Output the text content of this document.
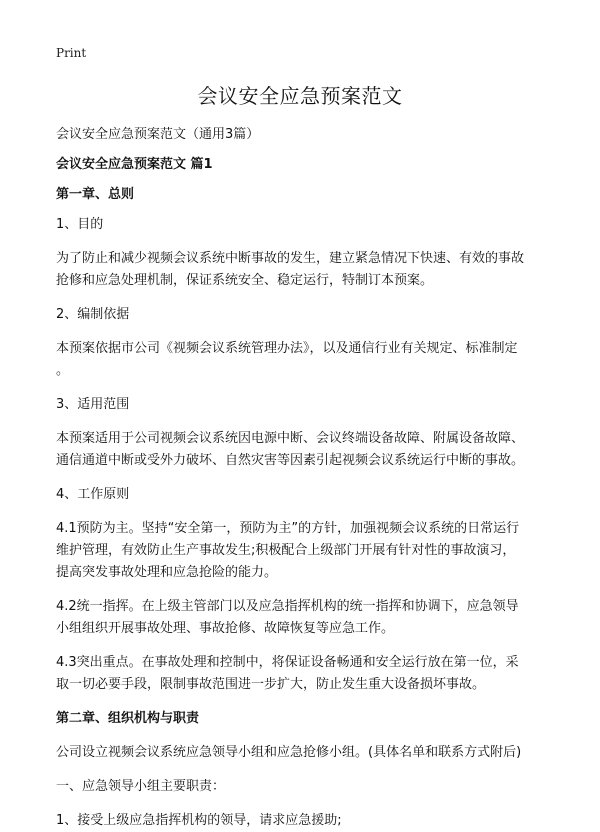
Print
会议安全应急预案范文

会议安全应急预案范文（通用3篇）

会议安全应急预案范文 篇1

第一章、总则

1、目的

为了防止和减少视频会议系统中断事故的发生，建立紧急情况下快速、有效的事故

抢修和应急处理机制，保证系统安全、稳定运行，特制订本预案。

2、编制依据

本预案依据市公司《视频会议系统管理办法》，以及通信行业有关规定、标准制定

。

3、适用范围

本预案适用于公司视频会议系统因电源中断、会议终端设备故障、附属设备故障、

通信通道中断或受外力破坏、自然灾害等因素引起视频会议系统运行中断的事故。

4、工作原则

4.1预防为主。坚持“安全第一，预防为主”的方针，加强视频会议系统的日常运行

维护管理，有效防止生产事故发生;积极配合上级部门开展有针对性的事故演习，

提高突发事故处理和应急抢险的能力。

4.2统一指挥。在上级主管部门以及应急指挥机构的统一指挥和协调下，应急领导

小组组织开展事故处理、事故抢修、故障恢复等应急工作。

4.3突出重点。在事故处理和控制中，将保证设备畅通和安全运行放在第一位，采

取一切必要手段，限制事故范围进一步扩大，防止发生重大设备损坏事故。

第二章、组织机构与职责

公司设立视频会议系统应急领导小组和应急抢修小组。(具体名单和联系方式附后)

一、应急领导小组主要职责：

1、接受上级应急指挥机构的领导，请求应急援助;
